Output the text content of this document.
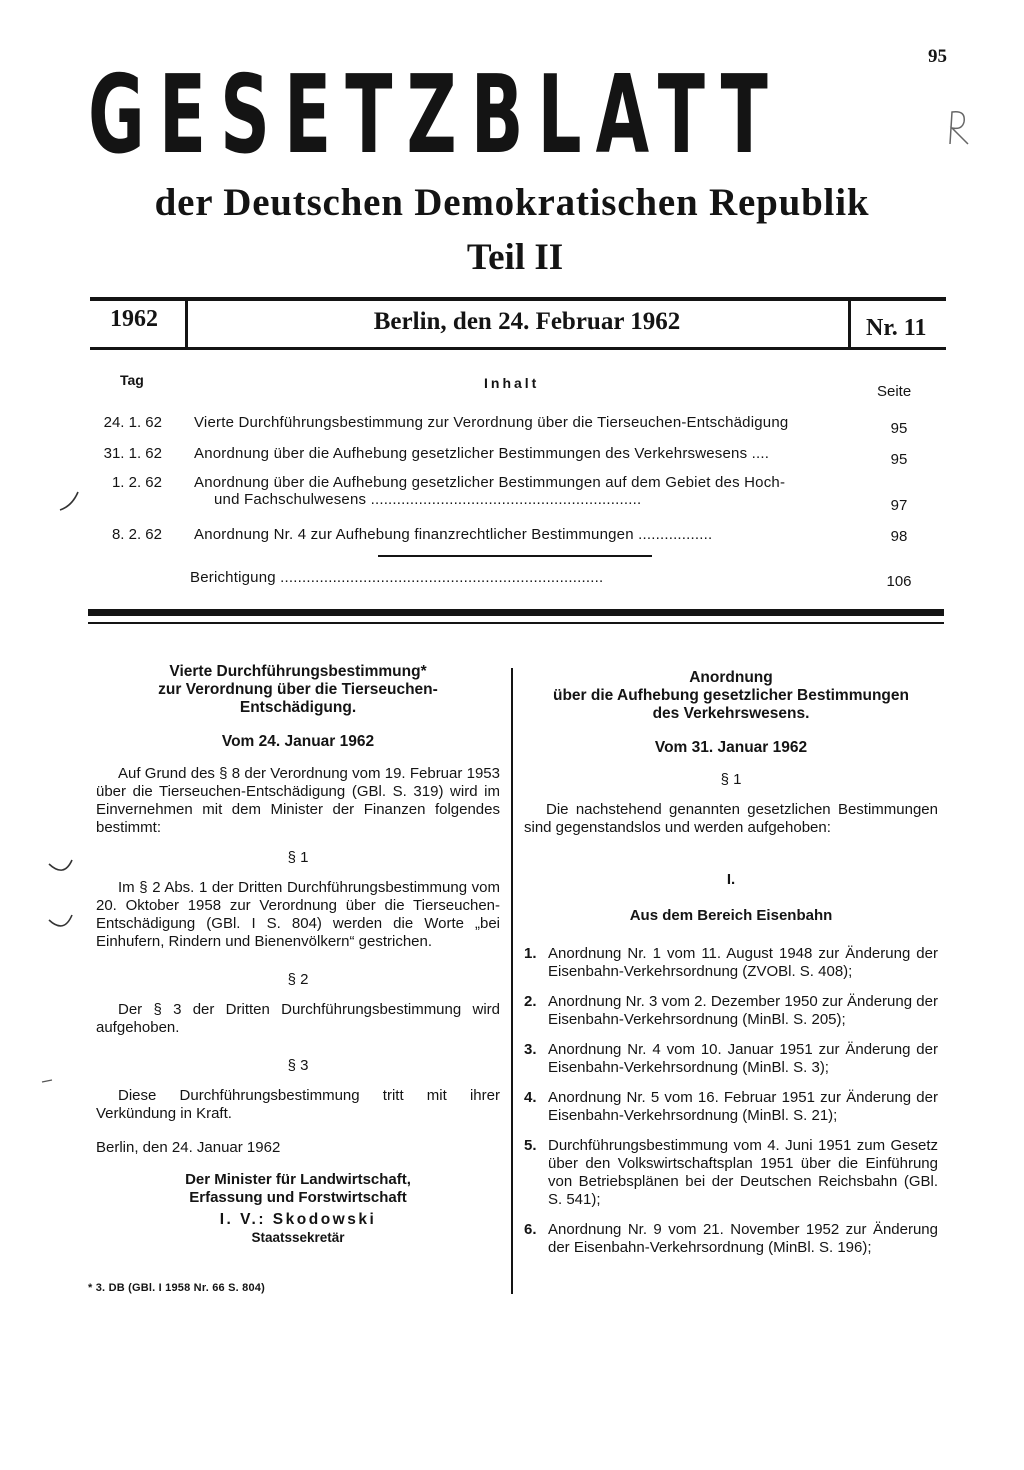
95
GESETZBLATT
der Deutschen Demokratischen Republik
Teil II
1962	Berlin, den 24. Februar 1962	Nr. 11
Tag	Inhalt	Seite
24. 1. 62 Vierte Durchführungsbestimmung zur Verordnung über die Tierseuchen-Entschädigung	95
31. 1. 62 Anordnung über die Aufhebung gesetzlicher Bestimmungen des Verkehrswesens ....	95
1. 2. 62 Anordnung über die Aufhebung gesetzlicher Bestimmungen auf dem Gebiet des Hoch-
und Fachschulwesens ..............................................................	97
8. 2. 62 Anordnung Nr. 4 zur Aufhebung finanzrechtlicher Bestimmungen .................	98
Berichtigung ..........................................................................	106

Vierte Durchführungsbestimmung*

zur Verordnung über die Tierseuchen-

Entschädigung.

Vom 24. Januar 1962

Auf Grund des § 8 der Verordnung vom 19. Februar 1953 über die Tierseuchen-Entschädigung (GBl. S. 319) wird im Einvernehmen mit dem Minister der Finanzen folgendes bestimmt:

§ 1

Im § 2 Abs. 1 der Dritten Durchführungsbestimmung vom 20. Oktober 1958 zur Verordnung über die Tierseuchen-Entschädigung (GBl. I S. 804) werden die Worte „bei Einhufern, Rindern und Bienenvölkern“ gestrichen.

§ 2

Der § 3 der Dritten Durchführungsbestimmung wird aufgehoben.

§ 3

Diese Durchführungsbestimmung tritt mit ihrer Verkündung in Kraft.

Berlin, den 24. Januar 1962

Der Minister für Landwirtschaft,

Erfassung und Forstwirtschaft

I. V.: Skodowski

Staatssekretär

* 3. DB (GBl. I 1958 Nr. 66 S. 804)

Anordnung

über die Aufhebung gesetzlicher Bestimmungen

des Verkehrswesens.

Vom 31. Januar 1962

§ 1

Die nachstehend genannten gesetzlichen Bestimmungen sind gegenstandslos und werden aufgehoben:

I.

Aus dem Bereich Eisenbahn

1. Anordnung Nr. 1 vom 11. August 1948 zur Änderung der Eisenbahn-Verkehrsordnung (ZVOBl. S. 408);
2. Anordnung Nr. 3 vom 2. Dezember 1950 zur Änderung der Eisenbahn-Verkehrsordnung (MinBl. S. 205);
3. Anordnung Nr. 4 vom 10. Januar 1951 zur Änderung der Eisenbahn-Verkehrsordnung (MinBl. S. 3);
4. Anordnung Nr. 5 vom 16. Februar 1951 zur Änderung der Eisenbahn-Verkehrsordnung (MinBl. S. 21);
5. Durchführungsbestimmung vom 4. Juni 1951 zum Gesetz über den Volkswirtschaftsplan 1951 über die Einführung von Betriebsplänen bei der Deutschen Reichsbahn (GBl. S. 541);
6. Anordnung Nr. 9 vom 21. November 1952 zur Änderung der Eisenbahn-Verkehrsordnung (MinBl. S. 196);
